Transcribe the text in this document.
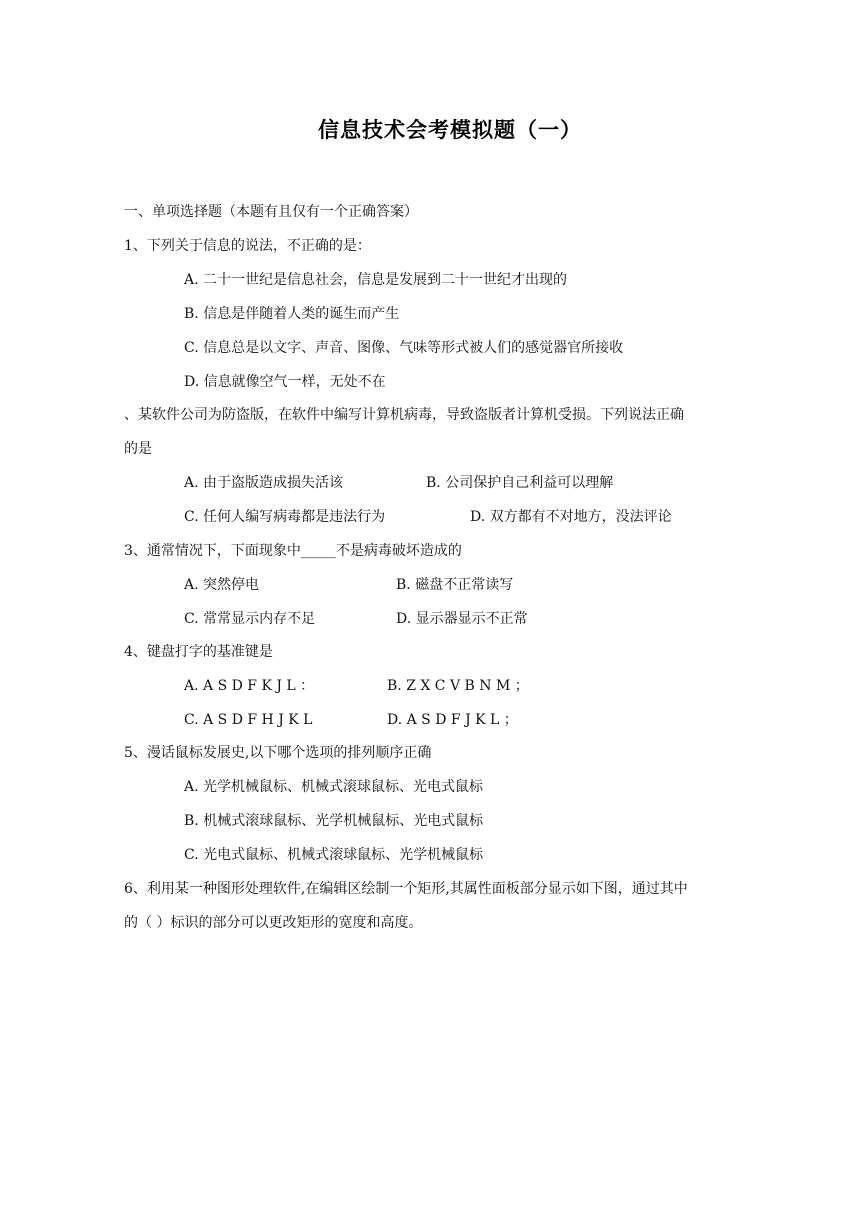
信息技术会考模拟题（一）
一、单项选择题（本题有且仅有一个正确答案）
1、下列关于信息的说法，不正确的是：
A. 二十一世纪是信息社会，信息是发展到二十一世纪才出现的
B. 信息是伴随着人类的诞生而产生
C. 信息总是以文字、声音、图像、气味等形式被人们的感觉器官所接收
D. 信息就像空气一样，无处不在
、某软件公司为防盗版，在软件中编写计算机病毒，导致盗版者计算机受损。下列说法正确
的是
A. 由于盗版造成损失活该	B. 公司保护自己利益可以理解
C. 任何人编写病毒都是违法行为	D. 双方都有不对地方，没法评论
3、通常情况下，下面现象中_____不是病毒破坏造成的
A. 突然停电	B. 磁盘不正常读写
C. 常常显示内存不足	D. 显示器显示不正常
4、键盘打字的基准键是
A. A S D F K J L ：	B. Z X C V B N M ；
C. A S D F H J K L	D. A S D F J K L ；
5、漫话鼠标发展史,以下哪个选项的排列顺序正确
A. 光学机械鼠标、机械式滚球鼠标、光电式鼠标
B. 机械式滚球鼠标、光学机械鼠标、光电式鼠标
C. 光电式鼠标、机械式滚球鼠标、光学机械鼠标
6、利用某一种图形处理软件,在编辑区绘制一个矩形,其属性面板部分显示如下图，通过其中
的（ ）标识的部分可以更改矩形的宽度和高度。
